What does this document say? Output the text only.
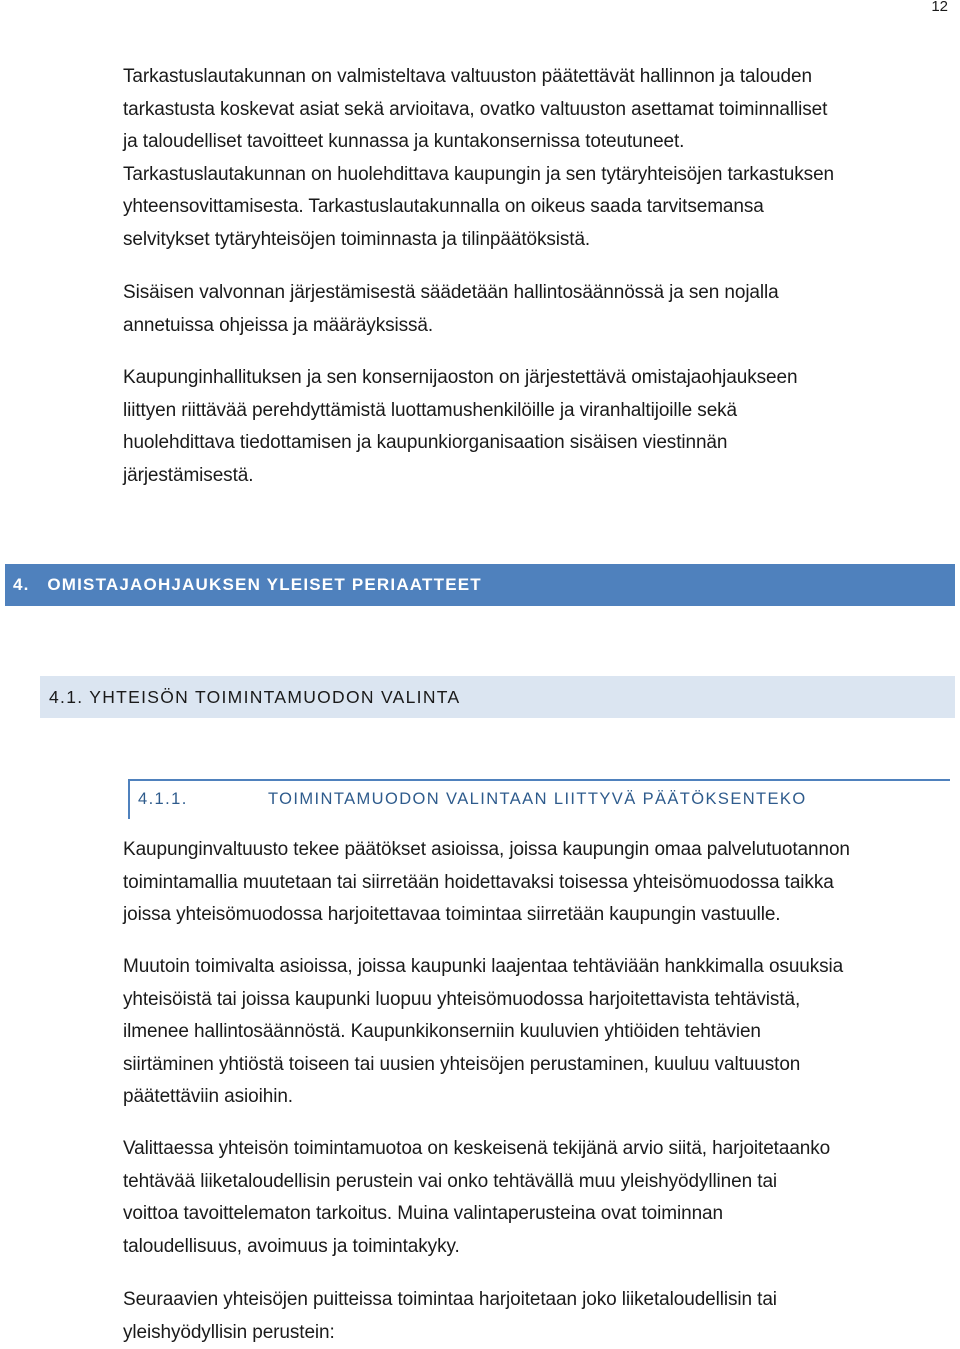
12
Tarkastuslautakunnan on valmisteltava valtuuston päätettävät hallinnon ja talouden
tarkastusta koskevat asiat sekä arvioitava, ovatko valtuuston asettamat toiminnalliset
ja taloudelliset tavoitteet kunnassa ja kuntakonsernissa toteutuneet.
Tarkastuslautakunnan on huolehdittava kaupungin ja sen tytäryhteisöjen tarkastuksen
yhteensovittamisesta. Tarkastuslautakunnalla on oikeus saada tarvitsemansa
selvitykset tytäryhteisöjen toiminnasta ja tilinpäätöksistä.
Sisäisen valvonnan järjestämisestä säädetään hallintosäännössä ja sen nojalla
annetuissa ohjeissa ja määräyksissä.
Kaupunginhallituksen ja sen konsernijaoston on järjestettävä omistajaohjaukseen
liittyen riittävää perehdyttämistä luottamushenkilöille ja viranhaltijoille sekä
huolehdittava tiedottamisen ja kaupunkiorganisaation sisäisen viestinnän
järjestämisestä.
4.   OMISTAJAOHJAUKSEN YLEISET PERIAATTEET
4.1. YHTEISÖN TOIMINTAMUODON VALINTA
4.1.1.	TOIMINTAMUODON VALINTAAN LIITTYVÄ PÄÄTÖKSENTEKO
Kaupunginvaltuusto tekee päätökset asioissa, joissa kaupungin omaa palvelutuotannon
toimintamallia muutetaan tai siirretään hoidettavaksi toisessa yhteisömuodossa taikka
joissa yhteisömuodossa harjoitettavaa toimintaa siirretään kaupungin vastuulle.
Muutoin toimivalta asioissa, joissa kaupunki laajentaa tehtäviään hankkimalla osuuksia
yhteisöistä tai joissa kaupunki luopuu yhteisömuodossa harjoitettavista tehtävistä,
ilmenee hallintosäännöstä. Kaupunkikonserniin kuuluvien yhtiöiden tehtävien
siirtäminen yhtiöstä toiseen tai uusien yhteisöjen perustaminen, kuuluu valtuuston
päätettäviin asioihin.
Valittaessa yhteisön toimintamuotoa on keskeisenä tekijänä arvio siitä, harjoitetaanko
tehtävää liiketaloudellisin perustein vai onko tehtävällä muu yleishyödyllinen tai
voittoa tavoittelematon tarkoitus. Muina valintaperusteina ovat toiminnan
taloudellisuus, avoimuus ja toimintakyky.
Seuraavien yhteisöjen puitteissa toimintaa harjoitetaan joko liiketaloudellisin tai
yleishyödyllisin perustein:
